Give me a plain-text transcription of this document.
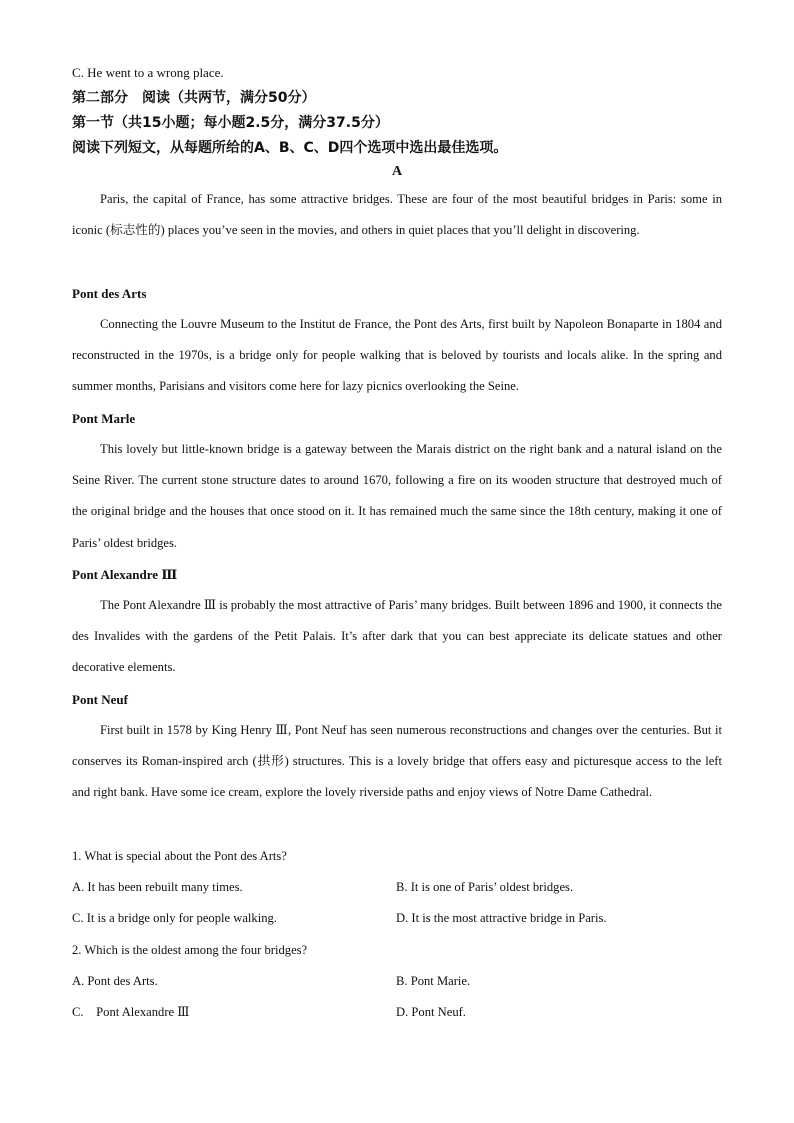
C. He went to a wrong place.
第二部分　阅读（共两节，满分50分）
第一节（共15小题；每小题2.5分，满分37.5分）
阅读下列短文，从每题所给的A、B、C、D四个选项中选出最佳选项。
A
Paris, the capital of France, has some attractive bridges. These are four of the most beautiful bridges in Paris: some in iconic (标志性的) places you’ve seen in the movies, and others in quiet places that you’ll delight in discovering.
Pont des Arts
Connecting the Louvre Museum to the Institut de France, the Pont des Arts, first built by Napoleon Bonaparte in 1804 and reconstructed in the 1970s, is a bridge only for people walking that is beloved by tourists and locals alike. In the spring and summer months, Parisians and visitors come here for lazy picnics overlooking the Seine.
Pont Marle
This lovely but little-known bridge is a gateway between the Marais district on the right bank and a natural island on the Seine River. The current stone structure dates to around 1670, following a fire on its wooden structure that destroyed much of the original bridge and the houses that once stood on it. It has remained much the same since the 18th century, making it one of Paris’ oldest bridges.
Pont Alexandre Ⅲ
The Pont Alexandre Ⅲ is probably the most attractive of Paris’ many bridges. Built between 1896 and 1900, it connects the des Invalides with the gardens of the Petit Palais. It’s after dark that you can best appreciate its delicate statues and other decorative elements.
Pont Neuf
First built in 1578 by King Henry Ⅲ, Pont Neuf has seen numerous reconstructions and changes over the centuries. But it conserves its Roman-inspired arch (拱形) structures. This is a lovely bridge that offers easy and picturesque access to the left and right bank. Have some ice cream, explore the lovely riverside paths and enjoy views of Notre Dame Cathedral.
1. What is special about the Pont des Arts?
A. It has been rebuilt many times.	B. It is one of Paris’ oldest bridges.
C. It is a bridge only for people walking.	D. It is the most attractive bridge in Paris.
2. Which is the oldest among the four bridges?
A. Pont des Arts.	B. Pont Marie.
C.　Pont Alexandre Ⅲ	D. Pont Neuf.
